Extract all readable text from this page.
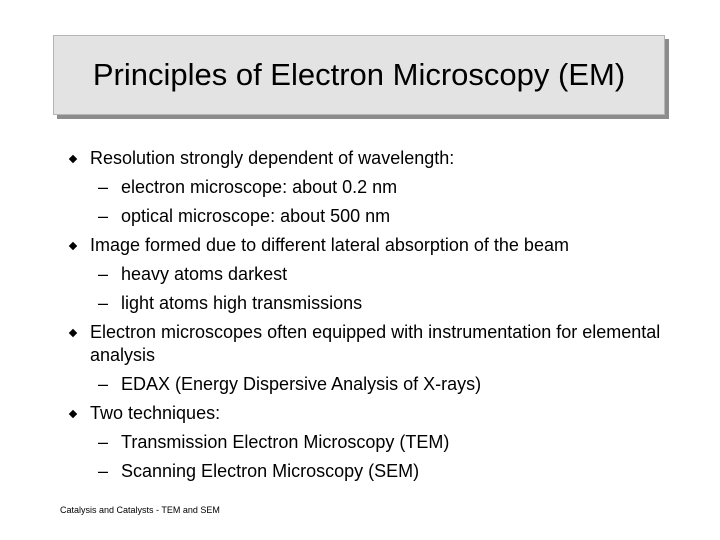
Principles of Electron Microscopy (EM)
Resolution strongly dependent of wavelength:
– electron microscope: about 0.2 nm
– optical microscope: about 500 nm
Image formed due to different lateral absorption of the beam
– heavy atoms darkest
– light atoms high transmissions
Electron microscopes often equipped with instrumentation for elemental analysis
– EDAX (Energy Dispersive Analysis of X-rays)
Two techniques:
– Transmission Electron Microscopy (TEM)
– Scanning Electron Microscopy (SEM)
Catalysis and Catalysts - TEM and SEM
